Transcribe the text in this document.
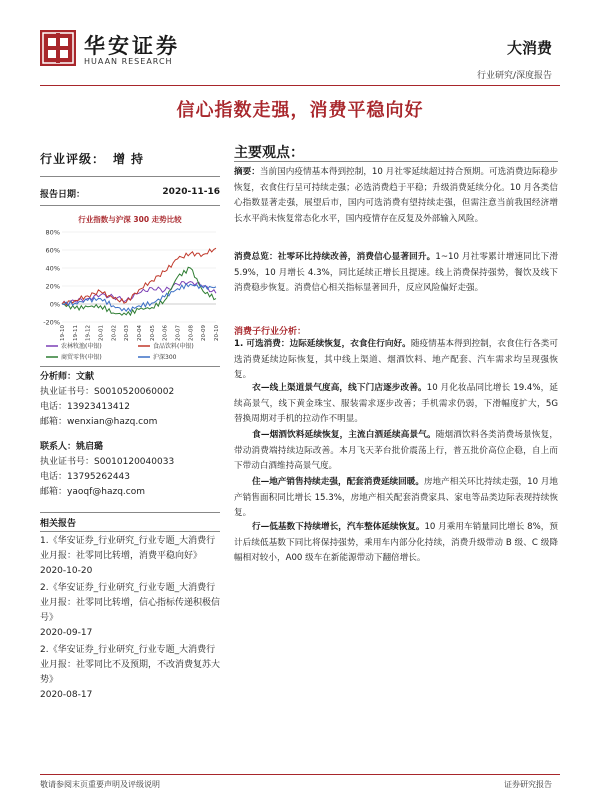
华安证券
HUAAN RESEARCH
大消费
行业研究/深度报告
信心指数走强，消费平稳向好
行业评级： 增持
报告日期：	2020-11-16
行业指数与沪深 300 走势比较
80%
60%
40%
20%
0%
-20%
19-10 19-11 19-12 20-01 20-02 20-03 20-04 20-05 20-06 20-07 20-08 20-09 20-10
农林牧渔(申银)	食品饮料(申银)
商贸零售(申银)	沪深300
分析师：文献
执业证书号：S0010520060002
电话：13923413412
邮箱：wenxian@hazq.com
联系人：姚启璐
执业证书号：S0010120040033
电话：13795262443
邮箱：yaoqf@hazq.com
相关报告
1.《华安证券_行业研究_行业专题_大消费行业月报：社零同比转增，消费平稳向好》
2020-10-20
2.《华安证券_行业研究_行业专题_大消费行业月报：社零同比转增，信心指标传递积极信号》
2020-09-17
2.《华安证券_行业研究_行业专题_大消费行业月报：社零同比不及预期，不改消费复苏大势》
2020-08-17
主要观点：
摘要：当前国内疫情基本得到控制，10 月社零延续超过持合预期。可选消费边际稳步恢复，衣食住行呈可持续走强；必选消费趋于平稳；升级消费延续分化。10 月各类信心指数显著走强，展望后市，国内可选消费有望持续走强，但需注意当前我国经济增长水平尚未恢复常态化水平，国内疫情存在反复及外部输入风险。
消费总览：社零环比持续改善，消费信心显著回升。1~10 月社零累计增速同比下滑 5.9%，10 月增长 4.3%，同比延续正增长且提速。线上消费保持强势，餐饮及线下消费稳步恢复。消费信心相关指标显著回升，反应风险偏好走强。
消费子行业分析：
1. 可选消费：边际延续恢复，衣食住行向好。随疫情基本得到控制，衣食住行各类可选消费延续边际恢复，其中线上渠道、烟酒饮料、地产配套、汽车需求均呈现强恢复。
衣—线上渠道景气度高，线下门店逐步改善。10 月化妆品同比增长 19.4%，延续高景气，线下黄金珠宝、服装需求逐步改善；手机需求仍弱，下滑幅度扩大，5G 替换周期对手机的拉动作不明显。
食—烟酒饮料延续恢复，主流白酒延续高景气。随烟酒饮料各类消费场景恢复，带动消费端持续边际改善。本月飞天茅台批价震荡上行，普五批价高位企稳，自上而下带动白酒维持高景气度。
住—地产销售持续走强，配套消费延续回暖。房地产相关环比持续走强，10 月地产销售面积同比增长 15.3%，房地产相关配套消费家具、家电等品类边际表现持续恢复。
行—低基数下持续增长，汽车整体延续恢复。10 月乘用车销量同比增长 8%，预计后续低基数下同比将保持强势，乘用车内部分化持续，消费升级带动 B 级、C 级降幅相对较小，A00 级车在新能源带动下翻倍增长。
敬请参阅末页重要声明及评级说明	证券研究报告
